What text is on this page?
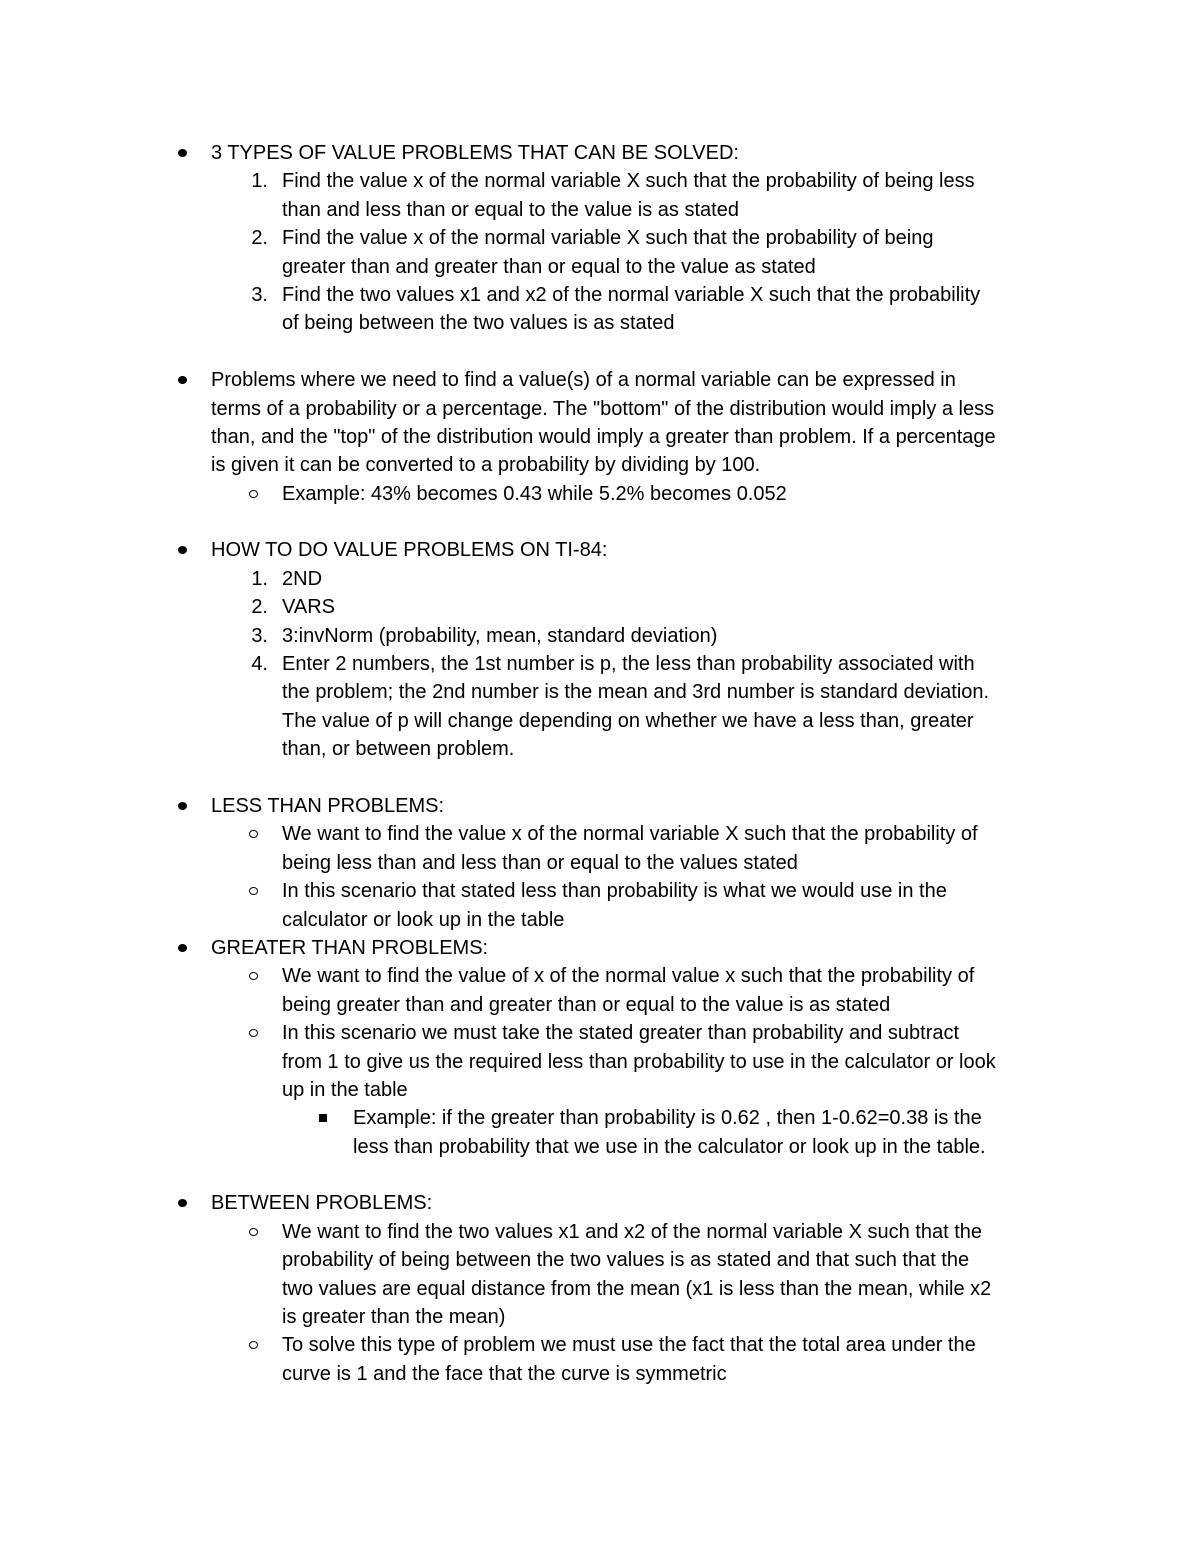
3 TYPES OF VALUE PROBLEMS THAT CAN BE SOLVED:
1. Find the value x of the normal variable X such that the probability of being less
than and less than or equal to the value is as stated
2. Find the value x of the normal variable X such that the probability of being
greater than and greater than or equal to the value as stated
3. Find the two values x1 and x2 of the normal variable X such that the probability
of being between the two values is as stated
Problems where we need to find a value(s) of a normal variable can be expressed in
terms of a probability or a percentage. The "bottom" of the distribution would imply a less
than, and the "top" of the distribution would imply a greater than problem. If a percentage
is given it can be converted to a probability by dividing by 100.
Example: 43% becomes 0.43 while 5.2% becomes 0.052
HOW TO DO VALUE PROBLEMS ON TI-84:
1. 2ND
2. VARS
3. 3:invNorm (probability, mean, standard deviation)
4. Enter 2 numbers, the 1st number is p, the less than probability associated with
the problem; the 2nd number is the mean and 3rd number is standard deviation.
The value of p will change depending on whether we have a less than, greater
than, or between problem.
LESS THAN PROBLEMS:
We want to find the value x of the normal variable X such that the probability of
being less than and less than or equal to the values stated
In this scenario that stated less than probability is what we would use in the
calculator or look up in the table
GREATER THAN PROBLEMS:
We want to find the value of x of the normal value x such that the probability of
being greater than and greater than or equal to the value is as stated
In this scenario we must take the stated greater than probability and subtract
from 1 to give us the required less than probability to use in the calculator or look
up in the table
Example: if the greater than probability is 0.62 , then 1-0.62=0.38 is the
less than probability that we use in the calculator or look up in the table.
BETWEEN PROBLEMS:
We want to find the two values x1 and x2 of the normal variable X such that the
probability of being between the two values is as stated and that such that the
two values are equal distance from the mean (x1 is less than the mean, while x2
is greater than the mean)
To solve this type of problem we must use the fact that the total area under the
curve is 1 and the face that the curve is symmetric
